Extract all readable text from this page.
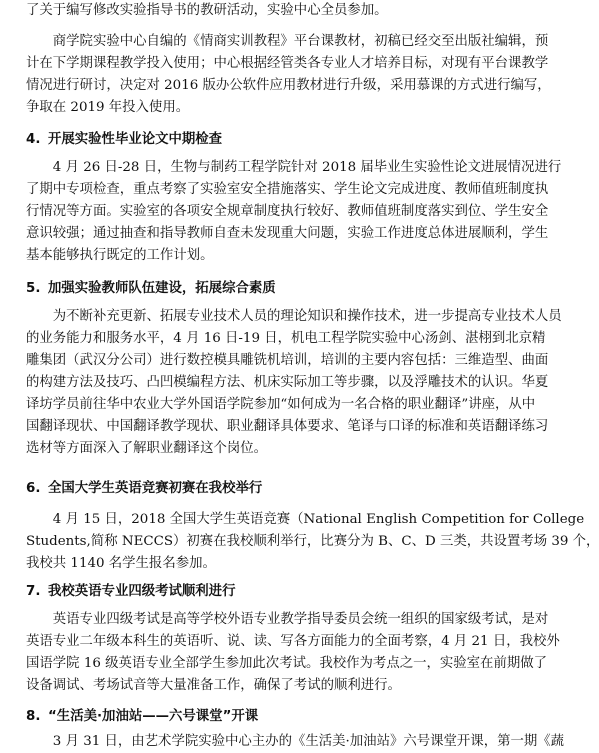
了关于编写修改实验指导书的教研活动，实验中心全员参加。
　　商学院实验中心自编的《情商实训教程》平台课教材，初稿已经交至出版社编辑，预
计在下学期课程教学投入使用；中心根据经管类各专业人才培养目标，对现有平台课教学
情况进行研讨，决定对 2016 版办公软件应用教材进行升级，采用慕课的方式进行编写，
争取在 2019 年投入使用。
4. 开展实验性毕业论文中期检查
　　4 月 26 日-28 日，生物与制药工程学院针对 2018 届毕业生实验性论文进展情况进行
了期中专项检查，重点考察了实验室安全措施落实、学生论文完成进度、教师值班制度执
行情况等方面。实验室的各项安全规章制度执行较好、教师值班制度落实到位、学生安全
意识较强；通过抽查和指导教师自查未发现重大问题，实验工作进度总体进展顺利，学生
基本能够执行既定的工作计划。
5. 加强实验教师队伍建设，拓展综合素质
　　为不断补充更新、拓展专业技术人员的理论知识和操作技术，进一步提高专业技术人员
的业务能力和服务水平，4 月 16 日-19 日，机电工程学院实验中心汤剑、湛栩到北京精
雕集团（武汉分公司）进行数控模具雕铣机培训，培训的主要内容包括：三维造型、曲面
的构建方法及技巧、凸凹模编程方法、机床实际加工等步骤，以及浮雕技术的认识。华夏
译坊学员前往华中农业大学外国语学院参加“如何成为一名合格的职业翻译”讲座，从中
国翻译现状、中国翻译教学现状、职业翻译具体要求、笔译与口译的标准和英语翻译练习
选材等方面深入了解职业翻译这个岗位。
6. 全国大学生英语竞赛初赛在我校举行
　　4 月 15 日，2018 全国大学生英语竞赛（National English Competition for College
Students,简称 NECCS）初赛在我校顺利举行，比赛分为 B、C、D 三类，共设置考场 39 个，
我校共 1140 名学生报名参加。
7. 我校英语专业四级考试顺利进行
　　英语专业四级考试是高等学校外语专业教学指导委员会统一组织的国家级考试，是对
英语专业二年级本科生的英语听、说、读、写各方面能力的全面考察，4 月 21 日，我校外
国语学院 16 级英语专业全部学生参加此次考试。我校作为考点之一，实验室在前期做了
设备调试、考场试音等大量准备工作，确保了考试的顺利进行。
8. “生活美·加油站——六号课堂”开课
　　3 月 31 日，由艺术学院实验中心主办的《生活美·加油站》六号课堂开课，第一期《蔬
